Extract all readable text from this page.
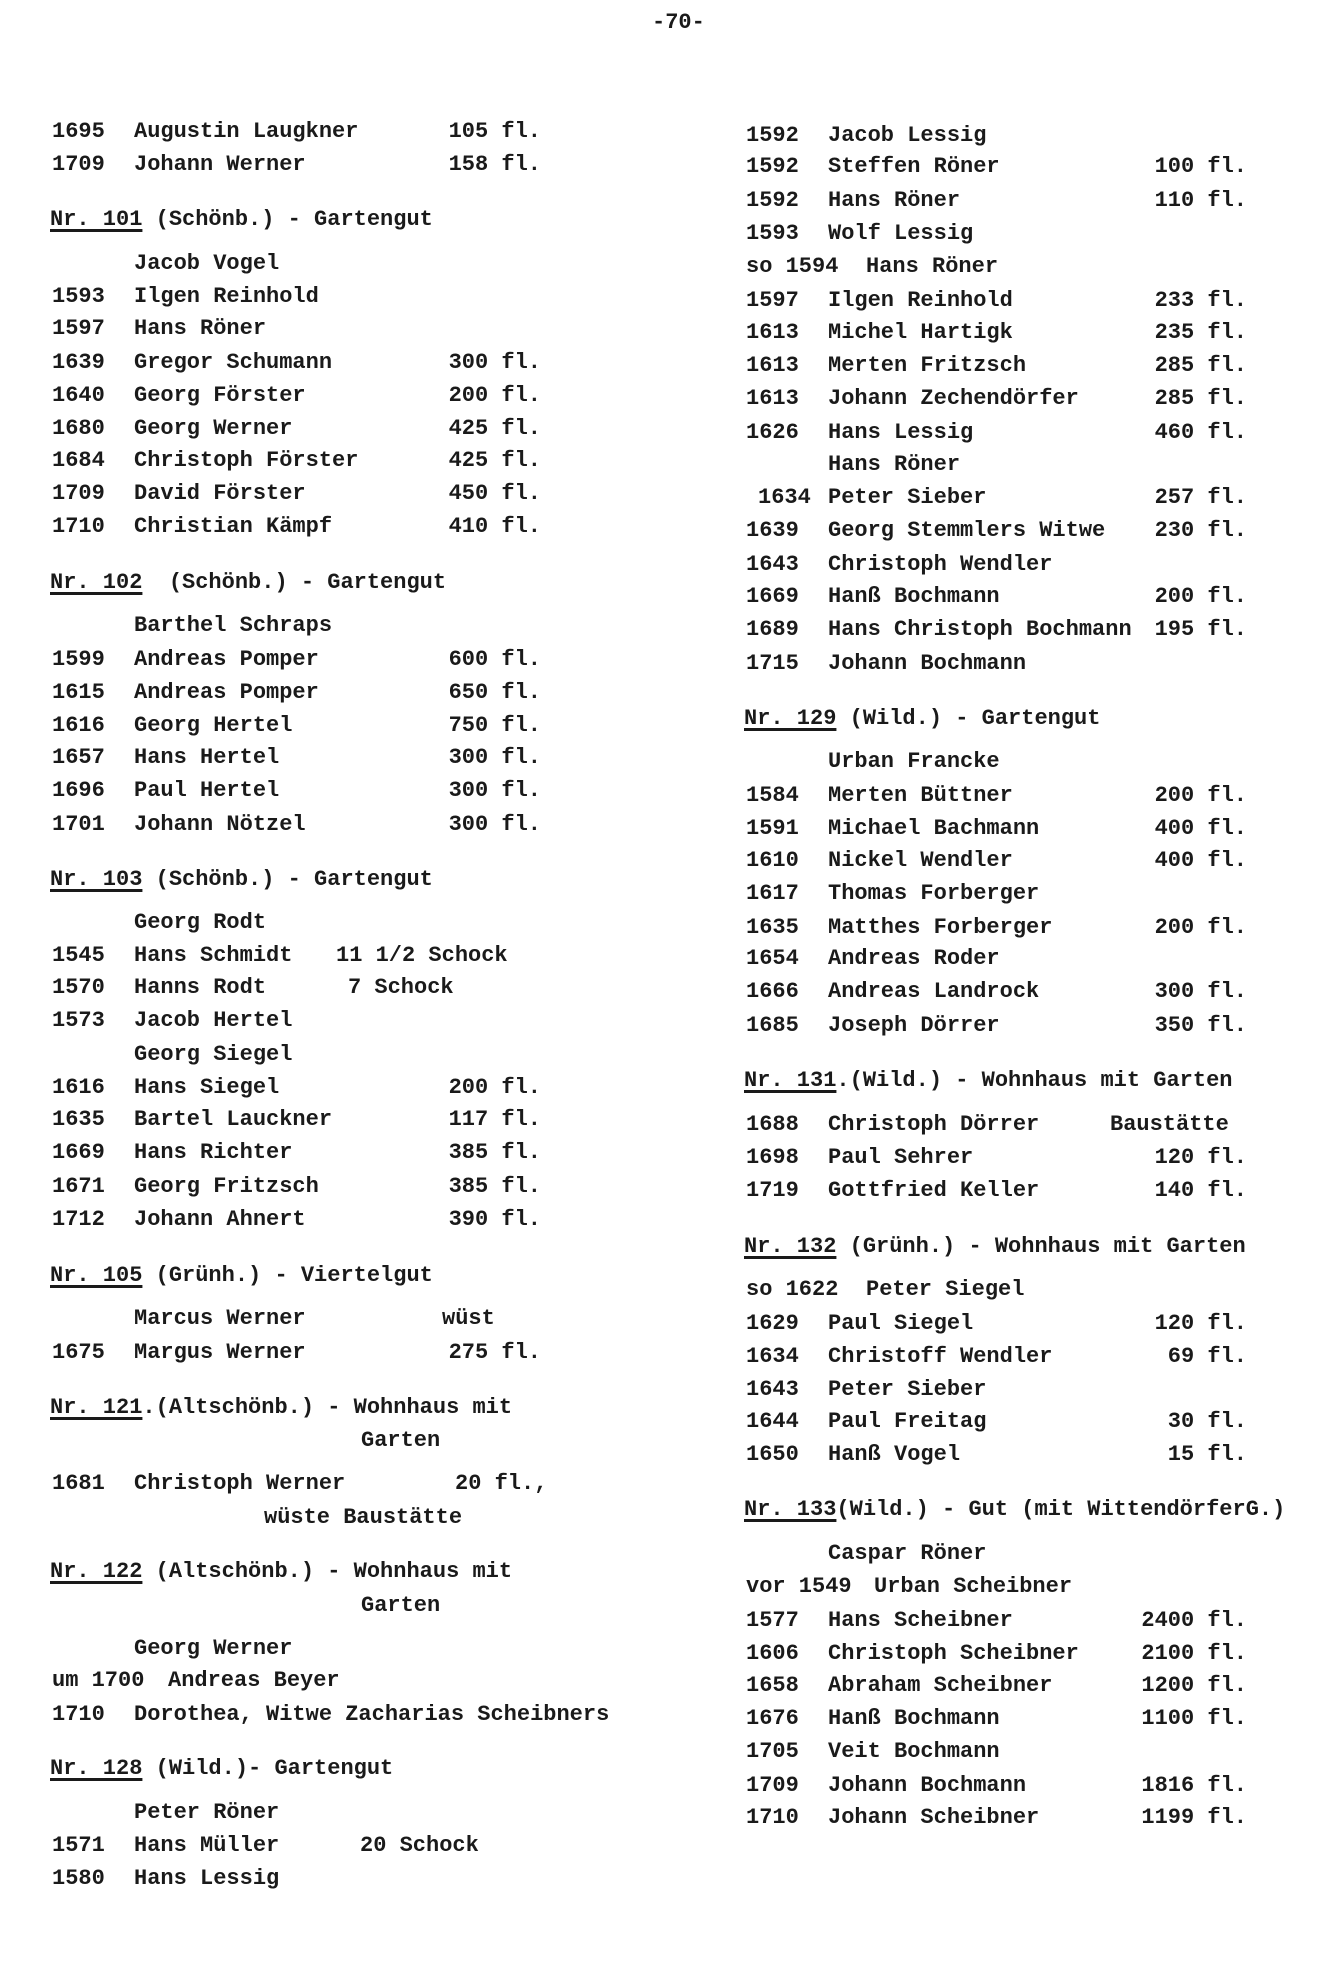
-70-
1695 Augustin Laugkner	105 fl.
1709 Johann Werner	158 fl.
Nr. 101 (Schönb.) - Gartengut
Jacob Vogel
1593 Ilgen Reinhold
1597 Hans Röner
1639 Gregor Schumann	300 fl.
1640 Georg Förster	200 fl.
1680 Georg Werner	425 fl.
1684 Christoph Förster	425 fl.
1709 David Förster	450 fl.
1710 Christian Kämpf	410 fl.
Nr. 102  (Schönb.) - Gartengut
Barthel Schraps
1599 Andreas Pomper	600 fl.
1615 Andreas Pomper	650 fl.
1616 Georg Hertel	750 fl.
1657 Hans Hertel	300 fl.
1696 Paul Hertel	300 fl.
1701 Johann Nötzel	300 fl.
Nr. 103 (Schönb.) - Gartengut
Georg Rodt
1545 Hans Schmidt 11 1/2 Schock
1570 Hanns Rodt	7 Schock
1573 Jacob Hertel
Georg Siegel
1616 Hans Siegel	200 fl.
1635 Bartel Lauckner	117 fl.
1669 Hans Richter	385 fl.
1671 Georg Fritzsch	385 fl.
1712 Johann Ahnert	390 fl.
Nr. 105 (Grünh.) - Viertelgut
Marcus Werner	wüst
1675 Margus Werner	275 fl.
Nr. 121.(Altschönb.) - Wohnhaus mit
Garten
1681 Christoph Werner	20 fl.,
wüste Baustätte
Nr. 122 (Altschönb.) - Wohnhaus mit
Garten
Georg Werner
um 1700 Andreas Beyer
1710 Dorothea, Witwe Zacharias Scheibners
Nr. 128 (Wild.)- Gartengut
Peter Röner
1571 Hans Müller	20 Schock
1580 Hans Lessig
1592 Jacob Lessig
1592 Steffen Röner	100 fl.
1592 Hans Röner	110 fl.
1593 Wolf Lessig
so 1594 Hans Röner
1597 Ilgen Reinhold	233 fl.
1613 Michel Hartigk	235 fl.
1613 Merten Fritzsch	285 fl.
1613 Johann Zechendörfer	285 fl.
1626 Hans Lessig	460 fl.
Hans Röner
1634 Peter Sieber	257 fl.
1639 Georg Stemmlers Witwe 230 fl.
1643 Christoph Wendler
1669 Hanß Bochmann	200 fl.
1689 Hans Christoph Bochmann 195 fl.
1715 Johann Bochmann
Nr. 129 (Wild.) - Gartengut
Urban Francke
1584 Merten Büttner	200 fl.
1591 Michael Bachmann	400 fl.
1610 Nickel Wendler	400 fl.
1617 Thomas Forberger
1635 Matthes Forberger	200 fl.
1654 Andreas Roder
1666 Andreas Landrock	300 fl.
1685 Joseph Dörrer	350 fl.
Nr. 131.(Wild.) - Wohnhaus mit Garten
1688 Christoph Dörrer	Baustätte
1698 Paul Sehrer	120 fl.
1719 Gottfried Keller	140 fl.
Nr. 132 (Grünh.) - Wohnhaus mit Garten
so 1622 Peter Siegel
1629 Paul Siegel	120 fl.
1634 Christoff Wendler	69 fl.
1643 Peter Sieber
1644 Paul Freitag	30 fl.
1650 Hanß Vogel	15 fl.
Nr. 133(Wild.) - Gut (mit WittendörferG.)
Caspar Röner
vor 1549 Urban Scheibner
1577 Hans Scheibner	2400 fl.
1606 Christoph Scheibner	2100 fl.
1658 Abraham Scheibner	1200 fl.
1676 Hanß Bochmann	1100 fl.
1705 Veit Bochmann
1709 Johann Bochmann	1816 fl.
1710 Johann Scheibner	1199 fl.
